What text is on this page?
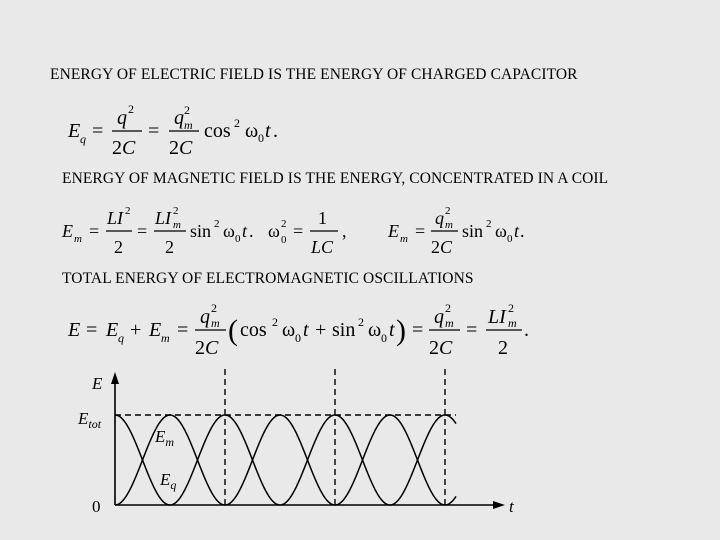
ENERGY OF ELECTRIC FIELD IS THE ENERGY OF CHARGED CAPACITOR
E q =
q 2
2C
=
q 2
m
2C
cos 2 ω 0 t .
ENERGY OF MAGNETIC FIELD IS THE ENERGY, CONCENTRATED IN A COIL
E m =
LI 2
2
=
LI 2
m
2
sin 2 ω 0 t . ω 2
0 =
1
LC
, E m =
q 2
m
2C
sin 2 ω 0 t .
TOTAL ENERGY OF ELECTROMAGNETIC OSCILLATIONS
E = E q + E m =
q 2
m
2C
( cos 2 ω 0 t + sin 2 ω 0 t ) =
q 2
m
2C
=
LI 2
m
2
.
E
t
0
$E_{tot}$
$E_m$
$E_q$
